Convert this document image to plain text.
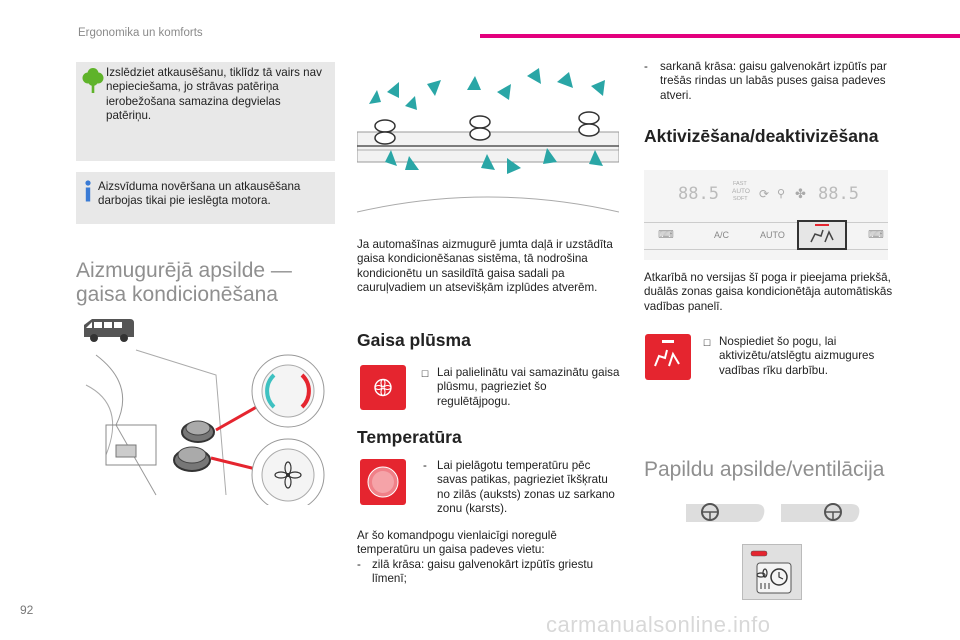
Ergonomika un komforts
Izslēdziet atkausēšanu, tiklīdz tā vairs nav nepieciešama, jo strāvas patēriņa ierobežošana samazina degvielas patēriņu.
Aizsvīduma novēršana un atkausēšana darbojas tikai pie ieslēgta motora.
Aizmugurējā apsilde —
gaisa kondicionēšana
Ja automašīnas aizmugurē jumta daļā ir uzstādīta gaisa kondicionēšanas sistēma, tā nodrošina kondicionētu un sasildītā gaisa sadali pa cauruļvadiem un atsevišķām izplūdes atverēm.
Gaisa plūsma
☐ Lai palielinātu vai samazinātu gaisa plūsmu, pagrieziet šo regulētājpogu.
Temperatūra
- Lai pielāgotu temperatūru pēc savas patikas, pagrieziet īkšķratu no zilās (auksts) zonas uz sarkano zonu (karsts).
Ar šo komandpogu vienlaicīgi noregulē temperatūru un gaisa padeves vietu:
- zilā krāsa: gaisu galvenokārt izpūtīs griestu līmenī;
- sarkanā krāsa: gaisu galvenokārt izpūtīs par trešās rindas un labās puses gaisa padeves atveri.
Aktivizēšana/deaktivizēšana
88.5	FAST
AUTO
SOFT ⟳ ⚲ ✤ 88.5
⌨	A/C	AUTO	⌨
Atkarībā no versijas šī poga ir pieejama priekšā, duālās zonas gaisa kondicionētāja automātiskās vadības panelī.
☐ Nospiediet šo pogu, lai aktivizētu/atslēgtu aizmugures vadības rīku darbību.
Papildu apsilde/ventilācija
92
carmanualsonline.info
